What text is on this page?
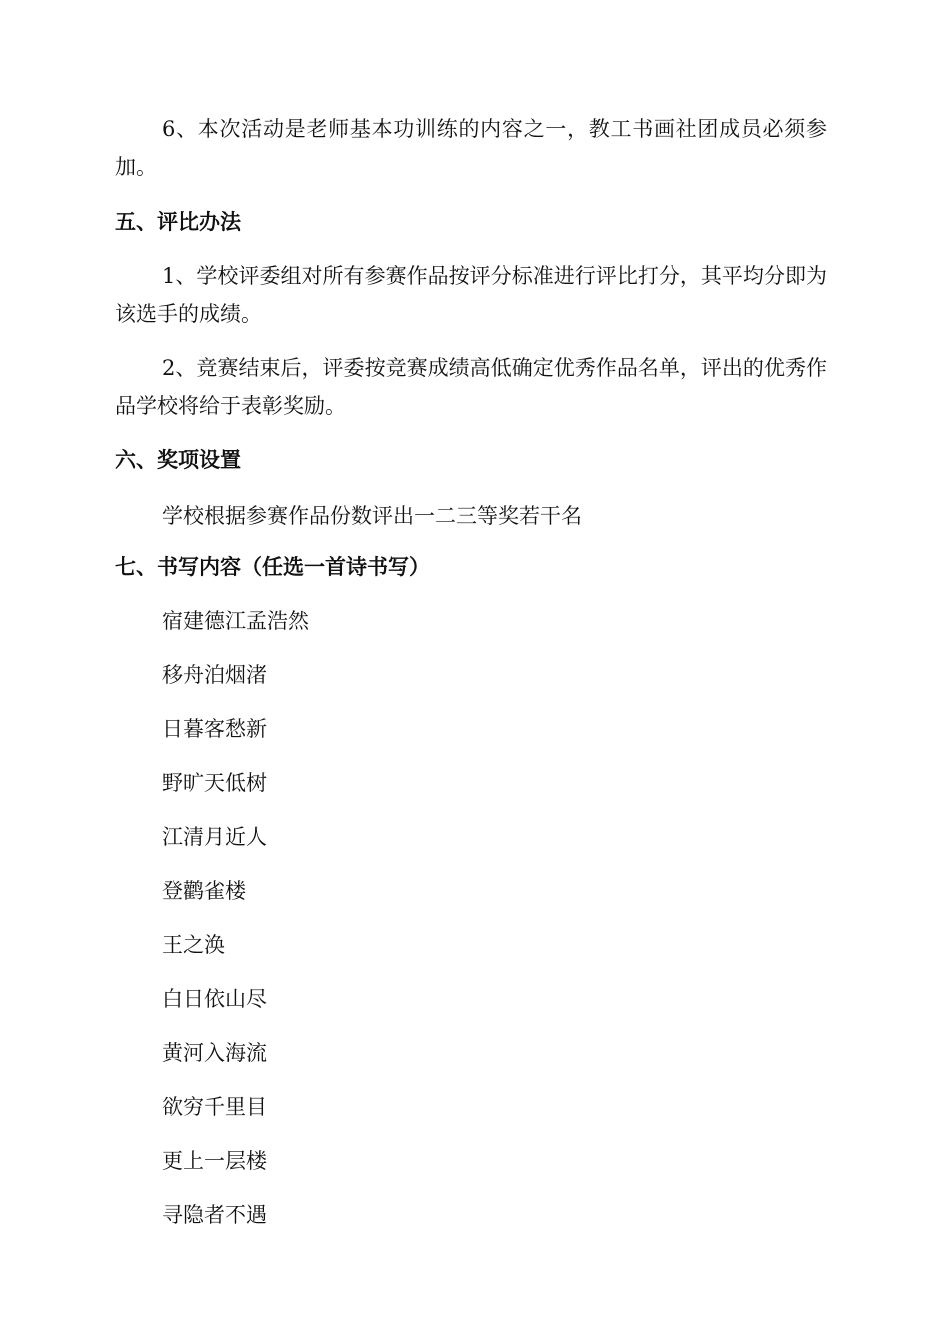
6、本次活动是老师基本功训练的内容之一，教工书画社团成员必须参加。

五、评比办法

1、学校评委组对所有参赛作品按评分标准进行评比打分，其平均分即为该选手的成绩。

2、竞赛结束后，评委按竞赛成绩高低确定优秀作品名单，评出的优秀作品学校将给于表彰奖励。

六、奖项设置

学校根据参赛作品份数评出一二三等奖若干名

七、书写内容（任选一首诗书写）

宿建德江孟浩然

移舟泊烟渚

日暮客愁新

野旷天低树

江清月近人

登鹳雀楼

王之涣

白日依山尽

黄河入海流

欲穷千里目

更上一层楼

寻隐者不遇
